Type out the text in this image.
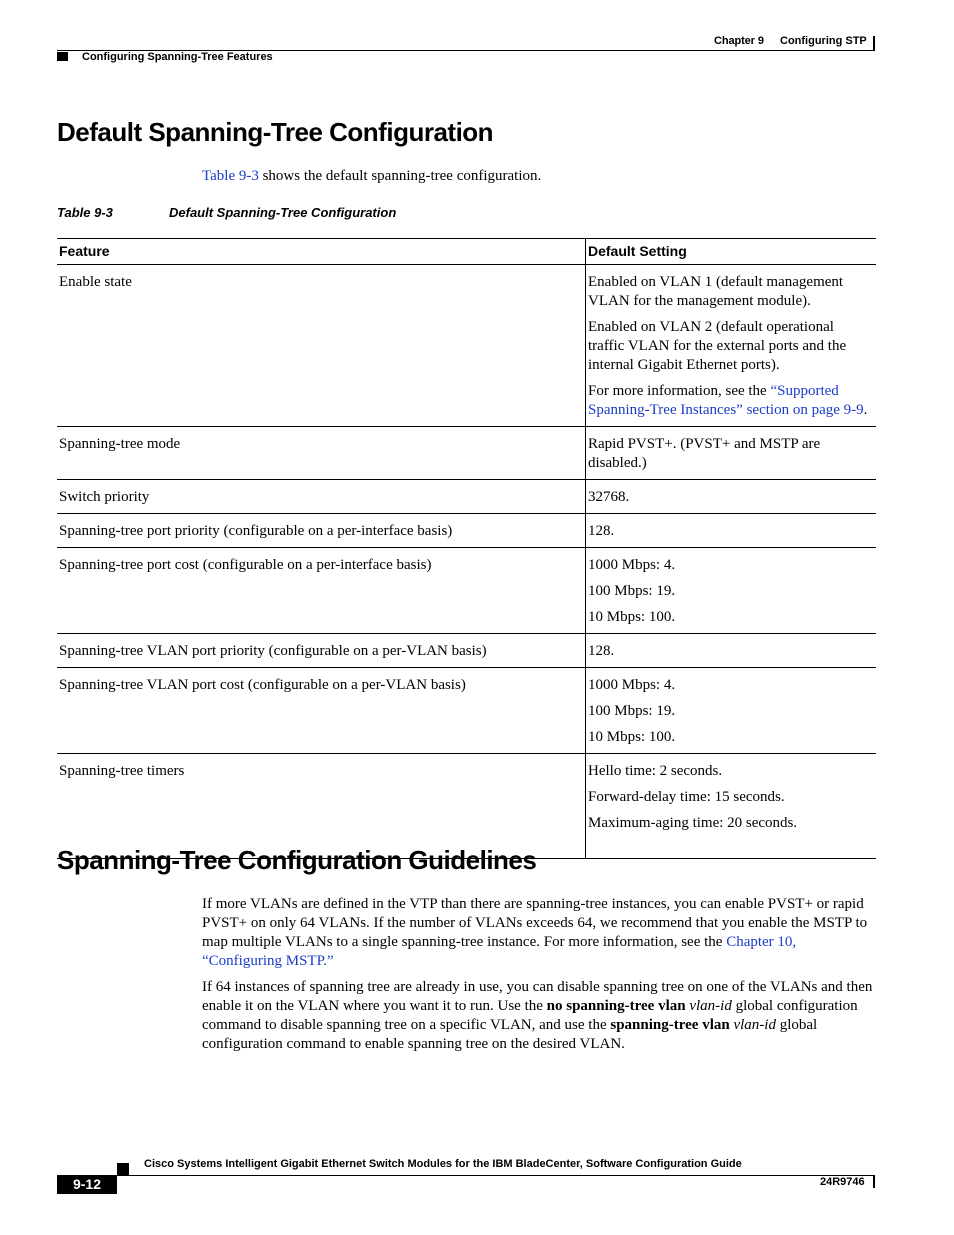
Chapter 9 Configuring STP
Configuring Spanning-Tree Features
Default Spanning-Tree Configuration
Table 9-3 shows the default spanning-tree configuration.
Table 9-3	Default Spanning-Tree Configuration
Feature	Default Setting

Enable state	Enabled on VLAN 1 (default management VLAN for the management module).

Enabled on VLAN 2 (default operational traffic VLAN for the external ports and the internal Gigabit Ethernet ports).

For more information, see the “Supported Spanning-Tree Instances” section on page 9-9.

Spanning-tree mode	Rapid PVST+. (PVST+ and MSTP are disabled.)

Switch priority	32768.

Spanning-tree port priority (configurable on a per-interface basis)	128.

Spanning-tree port cost (configurable on a per-interface basis)	1000 Mbps: 4.

100 Mbps: 19.

10 Mbps: 100.

Spanning-tree VLAN port priority (configurable on a per-VLAN basis)	128.

Spanning-tree VLAN port cost (configurable on a per-VLAN basis)	1000 Mbps: 4.

100 Mbps: 19.

10 Mbps: 100.

Spanning-tree timers	Hello time: 2 seconds.

Forward-delay time: 15 seconds.

Maximum-aging time: 20 seconds.

Spanning-Tree Configuration Guidelines

If more VLANs are defined in the VTP than there are spanning-tree instances, you can enable PVST+ or rapid PVST+ on only 64 VLANs. If the number of VLANs exceeds 64, we recommend that you enable the MSTP to map multiple VLANs to a single spanning-tree instance. For more information, see the Chapter 10, “Configuring MSTP.”

If 64 instances of spanning tree are already in use, you can disable spanning tree on one of the VLANs and then enable it on the VLAN where you want it to run. Use the no spanning-tree vlan vlan-id global configuration command to disable spanning tree on a specific VLAN, and use the spanning-tree vlan vlan-id global configuration command to enable spanning tree on the desired VLAN.

Cisco Systems Intelligent Gigabit Ethernet Switch Modules for the IBM BladeCenter, Software Configuration Guide
9-12	24R9746
